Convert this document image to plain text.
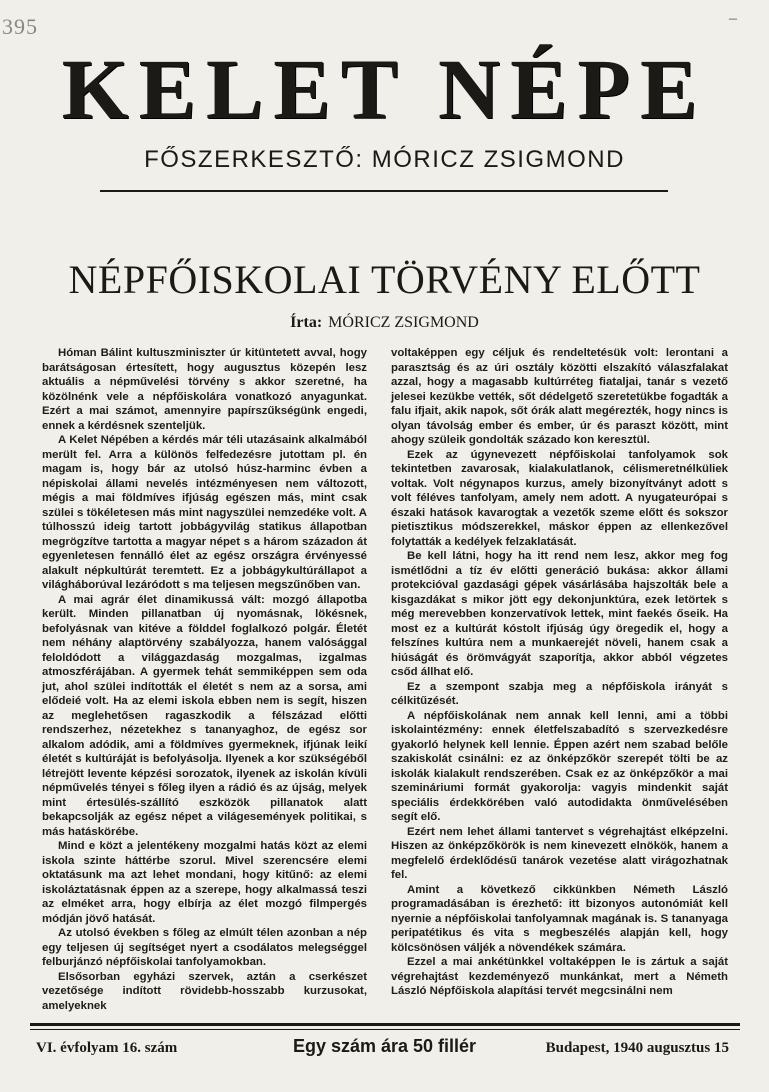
395	–
KELET NÉPE
FŐSZERKESZTŐ: MÓRICZ ZSIGMOND
NÉPFŐISKOLAI TÖRVÉNY ELŐTT
Írta: MÓRICZ ZSIGMOND

Hóman Bálint kultuszminiszter úr kitüntetett avval, hogy barátságosan értesített, hogy augusztus közepén lesz aktuális a népművelési törvény s akkor szeretné, ha közölnénk vele a népfőiskolára vonatkozó anyagunkat. Ezért a mai számot, amennyire papírszűkségünk engedi, ennek a kérdésnek szenteljük.

A Kelet Népében a kérdés már téli utazásaink alkalmából merült fel. Arra a különös felfedezésre jutottam pl. én magam is, hogy bár az utolsó húsz-harminc évben a népiskolai állami nevelés intézményesen nem változott, mégis a mai földmíves ifjúság egészen más, mint csak szülei s tökéletesen más mint nagyszülei nemzedéke volt. A túlhosszú ideig tartott jobbágyvilág statikus állapotban megrögzítve tartotta a magyar népet s a három századon át egyenletesen fennálló élet az egész országra érvényessé alakult népkultúrát teremtett. Ez a jobbágykultúrállapot a világháborúval lezáródott s ma teljesen megszűnőben van.

A mai agrár élet dinamikussá vált: mozgó állapotba került. Minden pillanatban új nyomásnak, lökésnek, befolyásnak van kitéve a földdel foglalkozó polgár. Életét nem néhány alaptörvény szabályozza, hanem valósággal feloldódott a világgazdaság mozgalmas, izgalmas atmoszférájában. A gyermek tehát semmiképpen sem oda jut, ahol szülei indították el életét s nem az a sorsa, ami elődeié volt. Ha az elemi iskola ebben nem is segít, hiszen az meglehetősen ragaszkodik a félszázad előtti rendszerhez, nézetekhez s tananyaghoz, de egész sor alkalom adódik, ami a földmíves gyermeknek, ifjúnak leikí életét s kultúráját is befolyásolja. Ilyenek a kor szükségéből létrejött levente képzési sorozatok, ilyenek az iskolán kívüli népművelés tényei s főleg ilyen a rádió és az újság, melyek mint értesülés-szállító eszközök pillanatok alatt bekapcsolják az egész népet a világesemények politikai, s más hatáskörébe.

Mind e közt a jelentékeny mozgalmi hatás közt az elemi iskola szinte háttérbe szorul. Mivel szerencsére elemi oktatásunk ma azt lehet mondani, hogy kitűnő: az elemi iskoláztatásnak éppen az a szerepe, hogy alkalmassá teszi az elméket arra, hogy elbírja az élet mozgó filmpergés módján jövő hatását.

Az utolsó években s főleg az elmúlt télen azonban a nép egy teljesen új segítséget nyert a csodálatos melegséggel felburjánzó népfőiskolai tanfolyamokban.

Elsősorban egyházi szervek, aztán a cserkészet vezetősége indított rövidebb-hosszabb kurzusokat, amelyeknek

voltaképpen egy céljuk és rendeltetésük volt: lerontani a parasztság és az úri osztály közötti elszakító válaszfalakat azzal, hogy a magasabb kultúrréteg fiataljai, tanár s vezető jelesei kezükbe vették, sőt dédelgető szeretetükbe fogadták a falu ifjait, akik napok, sőt órák alatt megérezték, hogy nincs is olyan távolság ember és ember, úr és paraszt között, mint ahogy szüleik gondolták százado kon keresztül.

Ezek az úgynevezett népfőiskolai tanfolyamok sok tekintetben zavarosak, kialakulatlanok, célismeretnélküliek voltak. Volt négynapos kurzus, amely bizonyítványt adott s volt féléves tanfolyam, amely nem adott. A nyugateurópai s északi hatások kavarogtak a vezetők szeme előtt és sokszor pietisztikus módszerekkel, máskor éppen az ellenkezővel folytatták a kedélyek felzaklatását.

Be kell látni, hogy ha itt rend nem lesz, akkor meg fog ismétlődni a tíz év előtti generáció bukása: akkor állami protekcióval gazdasági gépek vásárlásába hajszolták bele a kisgazdákat s mikor jött egy dekonjunktúra, ezek letörtek s még merevebben konzervatívok lettek, mint faekés őseik. Ha most ez a kultúrát kóstolt ifjúság úgy öregedik el, hogy a felszínes kultúra nem a munkaerejét növeli, hanem csak a hiúságát és örömvágyát szaporítja, akkor abból végzetes csőd állhat elő.

Ez a szempont szabja meg a népfőiskola irányát s célkitűzését.

A népfőiskolának nem annak kell lenni, ami a többi iskolaintézmény: ennek életfelszabadító s szervezkedésre gyakorló helynek kell lennie. Éppen azért nem szabad belőle szakiskolát csinálni: ez az önképzőkör szerepét tölti be az iskolák kialakult rendszerében. Csak ez az önképzőkör a mai szemináriumi formát gyakorolja: vagyis mindenkit saját speciális érdekkörében való autodidakta önművelésében segít elő.

Ezért nem lehet állami tantervet s végrehajtást elképzelni. Hiszen az önképzőkörök is nem kinevezett elnökök, hanem a megfelelő érdeklődésű tanárok vezetése alatt virágozhatnak fel.

Amint a következő cikkünkben Németh László programadásában is érezhető: itt bizonyos autonómiát kell nyernie a népfőiskolai tanfolyamnak magának is. S tananyaga peripatétikus és vita s megbeszélés alapján kell, hogy kölcsönösen váljék a növendékek számára.

Ezzel a mai ankétünkkel voltaképpen le is zártuk a saját végrehajtást kezdeményező munkánkat, mert a Németh László Népfőiskola alapítási tervét megcsinálni nem

VI. évfolyam 16. szám	Egy szám ára 50 fillér	Budapest, 1940 augusztus 15
